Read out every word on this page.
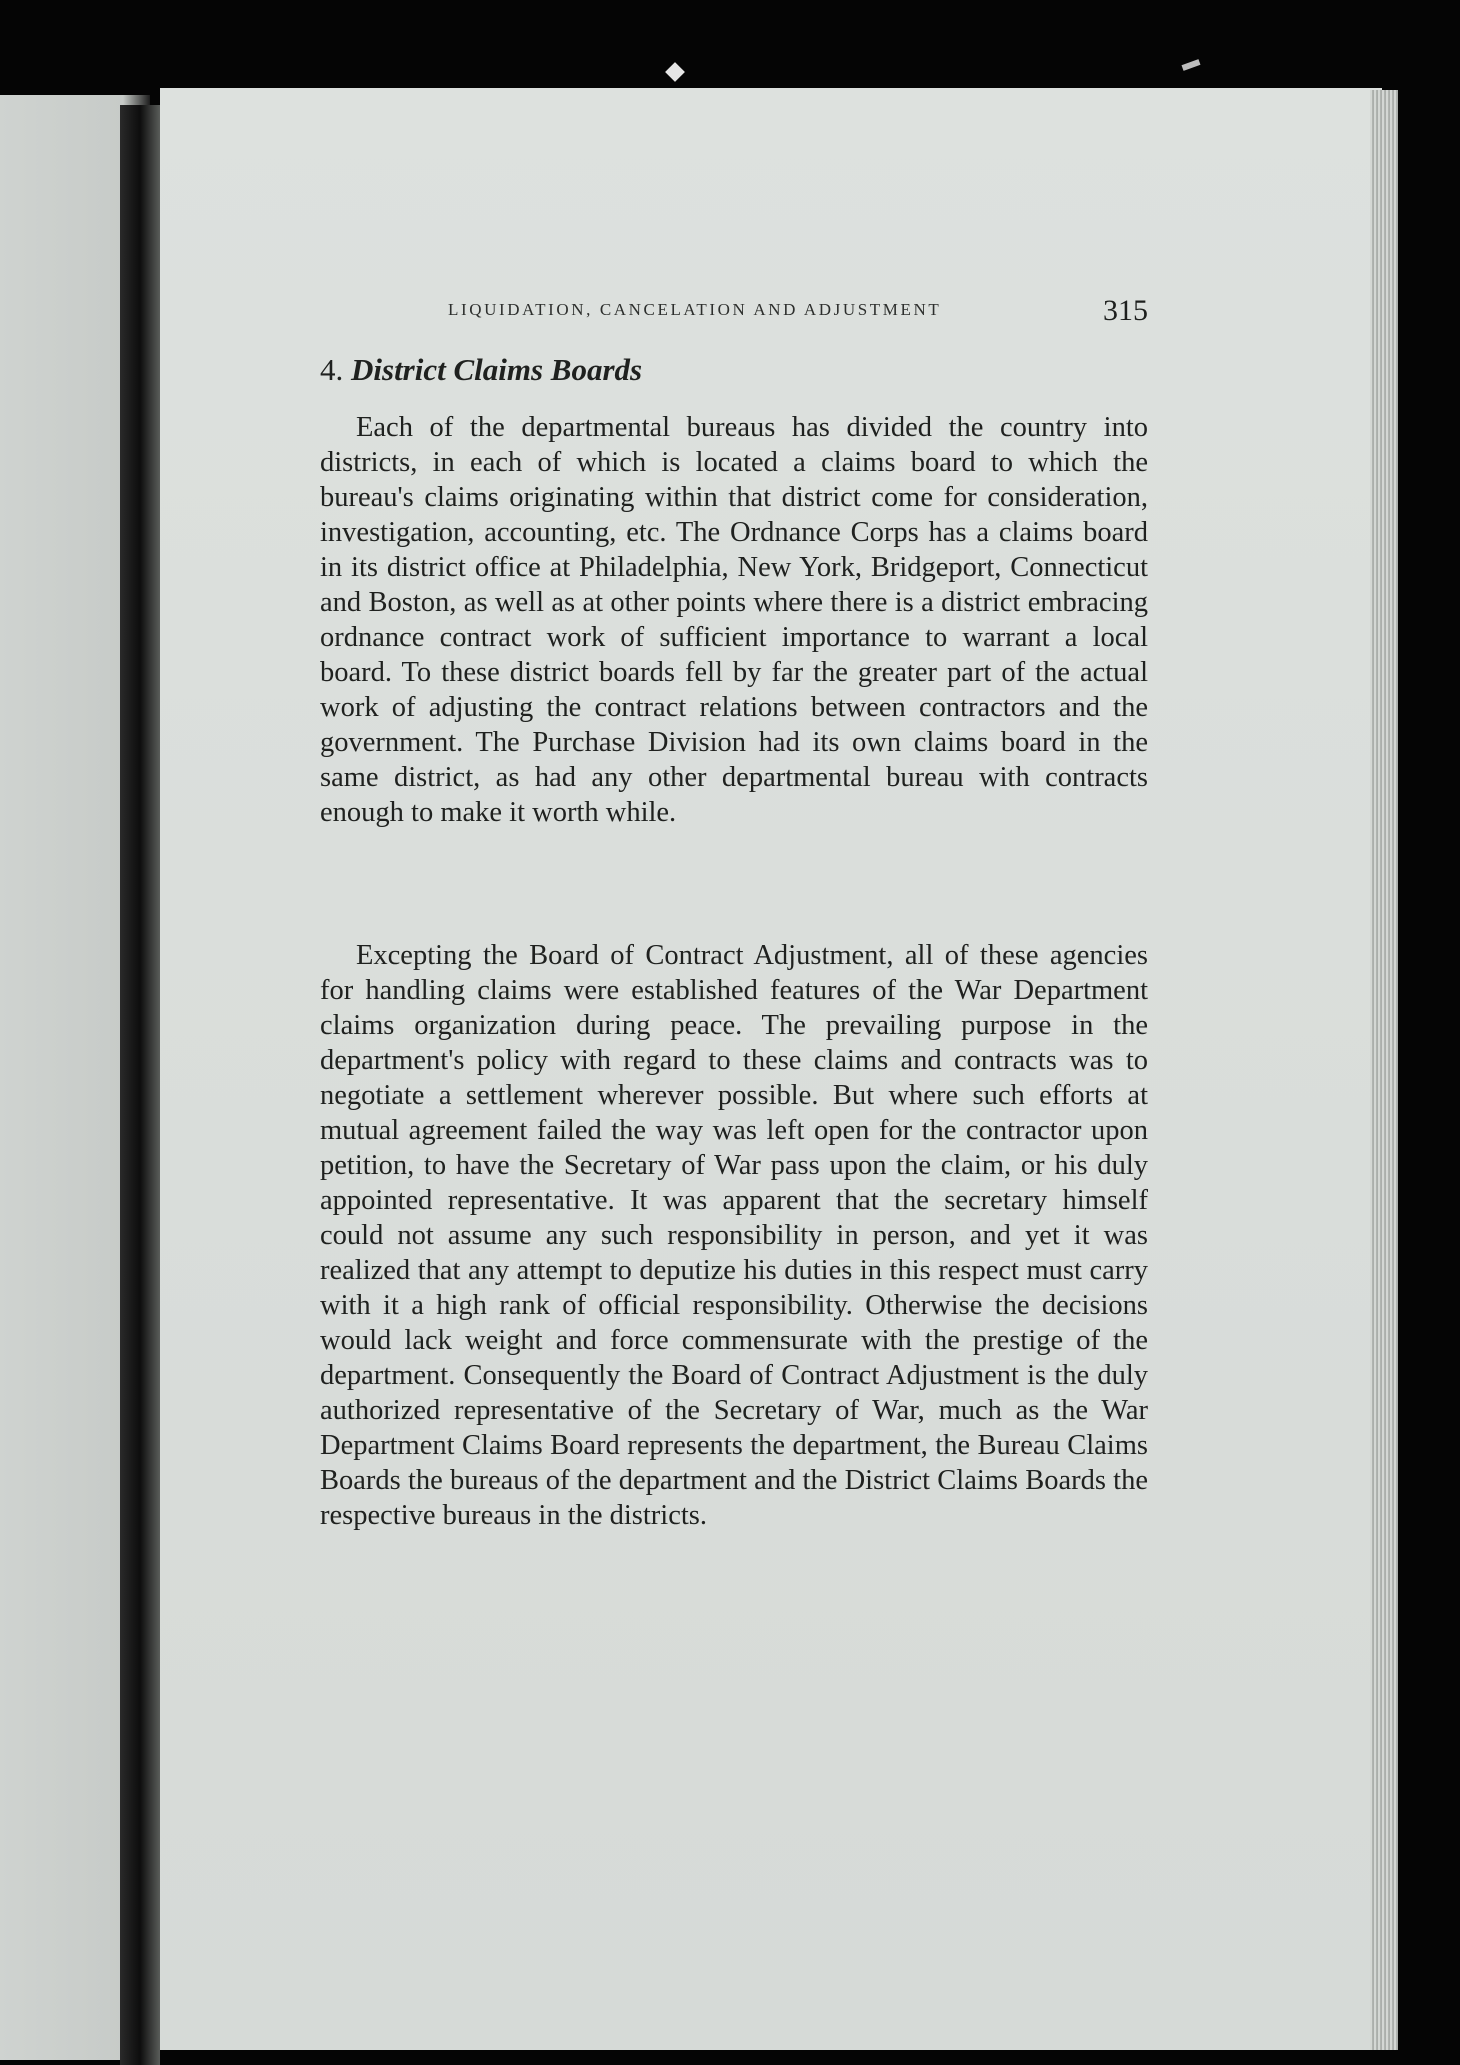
LIQUIDATION, CANCELATION AND ADJUSTMENT	315
4. District Claims Boards

Each of the departmental bureaus has divided the country into districts, in each of which is located a claims board to which the bureau's claims originating within that district come for consideration, investigation, accounting, etc. The Ordnance Corps has a claims board in its district office at Philadelphia, New York, Bridgeport, Connecticut and Boston, as well as at other points where there is a district embracing ordnance contract work of sufficient importance to warrant a local board. To these district boards fell by far the greater part of the actual work of adjusting the contract relations between contractors and the government. The Purchase Division had its own claims board in the same district, as had any other departmental bureau with contracts enough to make it worth while.

Excepting the Board of Contract Adjustment, all of these agencies for handling claims were established features of the War Department claims organization during peace. The prevailing purpose in the department's policy with regard to these claims and contracts was to negotiate a settlement wherever possible. But where such efforts at mutual agreement failed the way was left open for the contractor upon petition, to have the Secretary of War pass upon the claim, or his duly appointed representative. It was apparent that the secretary himself could not assume any such responsibility in person, and yet it was realized that any attempt to deputize his duties in this respect must carry with it a high rank of official responsibility. Otherwise the decisions would lack weight and force commensurate with the prestige of the department. Consequently the Board of Contract Adjustment is the duly authorized representative of the Secretary of War, much as the War Department Claims Board represents the department, the Bureau Claims Boards the bureaus of the department and the District Claims Boards the respective bureaus in the districts.
